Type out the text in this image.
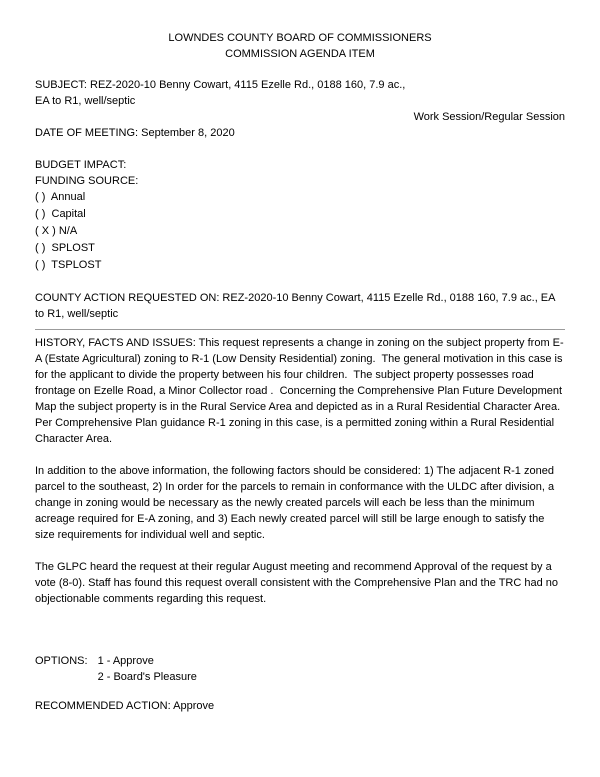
LOWNDES COUNTY BOARD OF COMMISSIONERS
COMMISSION AGENDA ITEM
SUBJECT: REZ-2020-10 Benny Cowart, 4115 Ezelle Rd., 0188 160, 7.9 ac.,
EA to R1, well/septic
Work Session/Regular Session
DATE OF MEETING: September 8, 2020
BUDGET IMPACT:
FUNDING SOURCE:
( )  Annual
( )  Capital
( X ) N/A
( )  SPLOST
( )  TSPLOST
COUNTY ACTION REQUESTED ON: REZ-2020-10 Benny Cowart, 4115 Ezelle Rd., 0188 160, 7.9 ac., EA to R1, well/septic

HISTORY, FACTS AND ISSUES: This request represents a change in zoning on the subject property from E-A (Estate Agricultural) zoning to R-1 (Low Density Residential) zoning.  The general motivation in this case is for the applicant to divide the property between his four children.  The subject property possesses road frontage on Ezelle Road, a Minor Collector road .  Concerning the Comprehensive Plan Future Development Map the subject property is in the Rural Service Area and depicted as in a Rural Residential Character Area.  Per Comprehensive Plan guidance R-1 zoning in this case, is a permitted zoning within a Rural Residential Character Area.

In addition to the above information, the following factors should be considered: 1) The adjacent R-1 zoned parcel to the southeast, 2) In order for the parcels to remain in conformance with the ULDC after division, a change in zoning would be necessary as the newly created parcels will each be less than the minimum acreage required for E-A zoning, and 3) Each newly created parcel will still be large enough to satisfy the size requirements for individual well and septic.

The GLPC heard the request at their regular August meeting and recommend Approval of the request by a vote (8-0). Staff has found this request overall consistent with the Comprehensive Plan and the TRC had no objectionable comments regarding this request.

OPTIONS: 1 - Approve
2 - Board's Pleasure
RECOMMENDED ACTION: Approve
